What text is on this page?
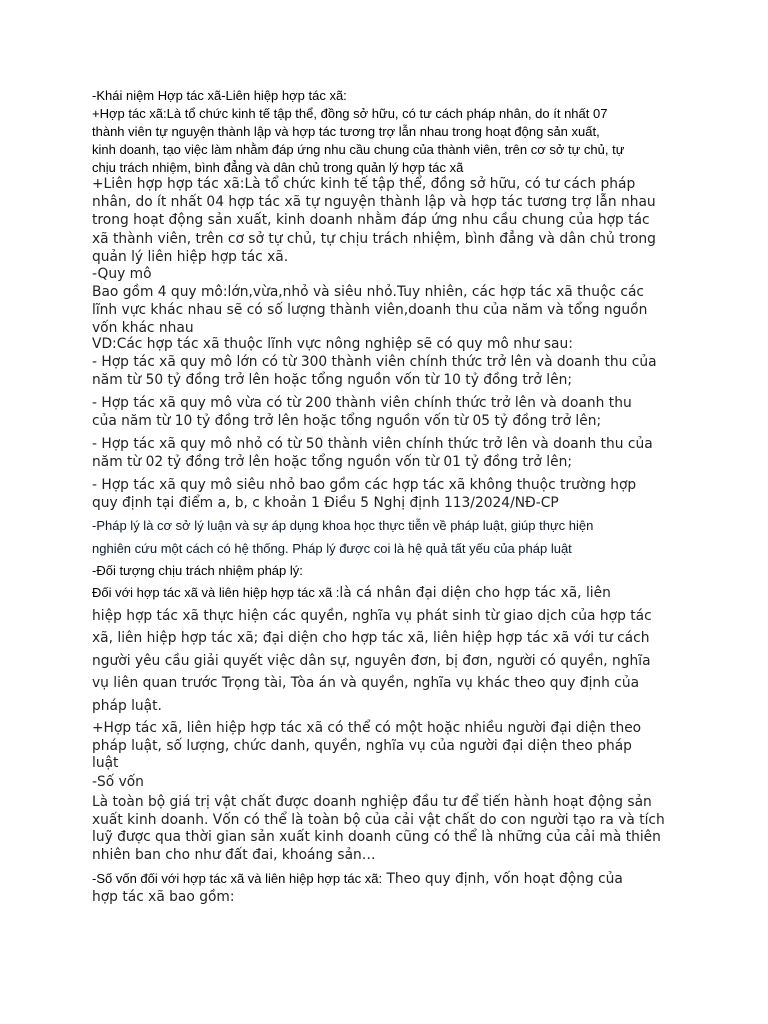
-Khái niệm Hợp tác xã-Liên hiệp hợp tác xã:

+Hợp tác xã:Là tổ chức kinh tế tập thể, đồng sở hữu, có tư cách pháp nhân, do ít nhất 07
thành viên tự nguyện thành lập và hợp tác tương trợ lẫn nhau trong hoạt động sản xuất,
kinh doanh, tạo việc làm nhằm đáp ứng nhu cầu chung của thành viên, trên cơ sở tự chủ, tự
chịu trách nhiệm, bình đẳng và dân chủ trong quản lý hợp tác xã

+Liên hợp hợp tác xã:Là tổ chức kinh tế tập thể, đồng sở hữu, có tư cách pháp
nhân, do ít nhất 04 hợp tác xã tự nguyện thành lập và hợp tác tương trợ lẫn nhau
trong hoạt động sản xuất, kinh doanh nhằm đáp ứng nhu cầu chung của hợp tác
xã thành viên, trên cơ sở tự chủ, tự chịu trách nhiệm, bình đẳng và dân chủ trong
quản lý liên hiệp hợp tác xã.

-Quy mô

Bao gồm 4 quy mô:lớn,vừa,nhỏ và siêu nhỏ.Tuy nhiên, các hợp tác xã thuộc các
lĩnh vực khác nhau sẽ có số lượng thành viên,doanh thu của năm và tổng nguồn
vốn khác nhau

VD:Các hợp tác xã thuộc lĩnh vực nông nghiệp sẽ có quy mô như sau:

- Hợp tác xã quy mô lớn có từ 300 thành viên chính thức trở lên và doanh thu của
năm từ 50 tỷ đồng trở lên hoặc tổng nguồn vốn từ 10 tỷ đồng trở lên;

- Hợp tác xã quy mô vừa có từ 200 thành viên chính thức trở lên và doanh thu
của năm từ 10 tỷ đồng trở lên hoặc tổng nguồn vốn từ 05 tỷ đồng trở lên;

- Hợp tác xã quy mô nhỏ có từ 50 thành viên chính thức trở lên và doanh thu của
năm từ 02 tỷ đồng trở lên hoặc tổng nguồn vốn từ 01 tỷ đồng trở lên;

- Hợp tác xã quy mô siêu nhỏ bao gồm các hợp tác xã không thuộc trường hợp
quy định tại điểm a, b, c khoản 1 Điều 5 Nghị định 113/2024/NĐ-CP

-Pháp lý là cơ sở lý luận và sự áp dụng khoa học thực tiễn về pháp luật, giúp thực hiện
nghiên cứu một cách có hệ thống. Pháp lý được coi là hệ quả tất yếu của pháp luật

-Đối tượng chịu trách nhiệm pháp lý:

Đối với hợp tác xã và liên hiệp hợp tác xã :là cá nhân đại diện cho hợp tác xã, liên
hiệp hợp tác xã thực hiện các quyền, nghĩa vụ phát sinh từ giao dịch của hợp tác
xã, liên hiệp hợp tác xã; đại diện cho hợp tác xã, liên hiệp hợp tác xã với tư cách
người yêu cầu giải quyết việc dân sự, nguyên đơn, bị đơn, người có quyền, nghĩa
vụ liên quan trước Trọng tài, Tòa án và quyền, nghĩa vụ khác theo quy định của
pháp luật.

+Hợp tác xã, liên hiệp hợp tác xã có thể có một hoặc nhiều người đại diện theo
pháp luật, số lượng, chức danh, quyền, nghĩa vụ của người đại diện theo pháp
luật

-Số vốn

Là toàn bộ giá trị vật chất được doanh nghiệp đầu tư để tiến hành hoạt động sản
xuất kinh doanh. Vốn có thể là toàn bộ của cải vật chất do con người tạo ra và tích
luỹ được qua thời gian sản xuất kinh doanh cũng có thể là những của cải mà thiên
nhiên ban cho như đất đai, khoáng sản…

-Số vốn đối với hợp tác xã và liên hiệp hợp tác xã: Theo quy định, vốn hoạt động của
hợp tác xã bao gồm:
